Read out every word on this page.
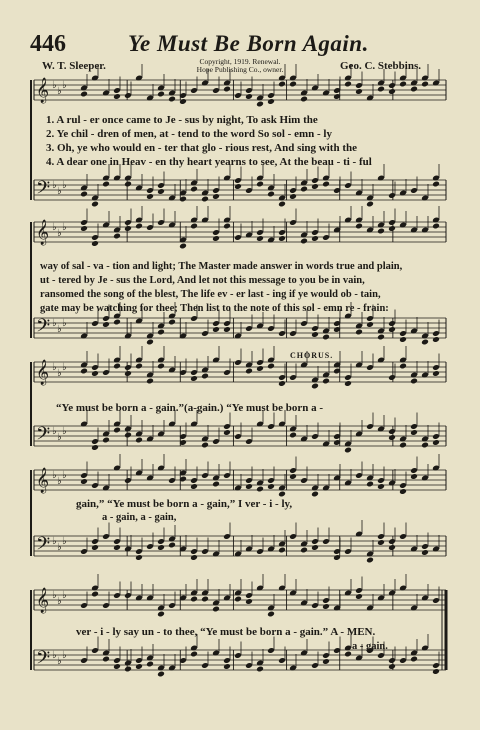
𝄞 ♭
♭
♭
𝄢 ♭
♭
♭
𝄞 ♭
♭
♭
𝄢 ♭
♭
♭
𝄞 ♭
♭
♭
𝄢 ♭
♭
♭
𝄞 ♭
♭
♭
𝄢 ♭
♭
♭
𝄞 ♭
♭
♭
𝄢 ♭
♭
♭
446	Ye Must Be Born Again.
W. T. Sleeper.	Copyright, 1919. Renewal.
Hope Publishing Co., owner.	Geo. C. Stebbins.
1. A rul - er once came to Je - sus by night, To ask Him the
2. Ye chil - dren of men, at - tend to the word So sol - emn - ly
3. Oh, ye who would en - ter that glo - rious rest, And sing with the
4. A dear one in Heav - en thy heart yearns to see, At the beau - ti - ful
way of sal - va - tion and light; The Master made answer in words true and plain,
ut - tered by Je - sus the Lord, And let not this message to you be in vain,
ransomed the song of the blest, The life ev - er last - ing if ye would ob - tain,
gate may be watching for thee; Then list to the note of this sol - emn re - frain:
CHORUS.
“Ye must be born a - gain.”(a-gain.) “Ye must be born a -
gain,” “Ye must be born a - gain,” I ver - i - ly,
a - gain, a - gain,
ver - i - ly say un - to thee, “Ye must be born a - gain.” A - MEN.
a - gain.
